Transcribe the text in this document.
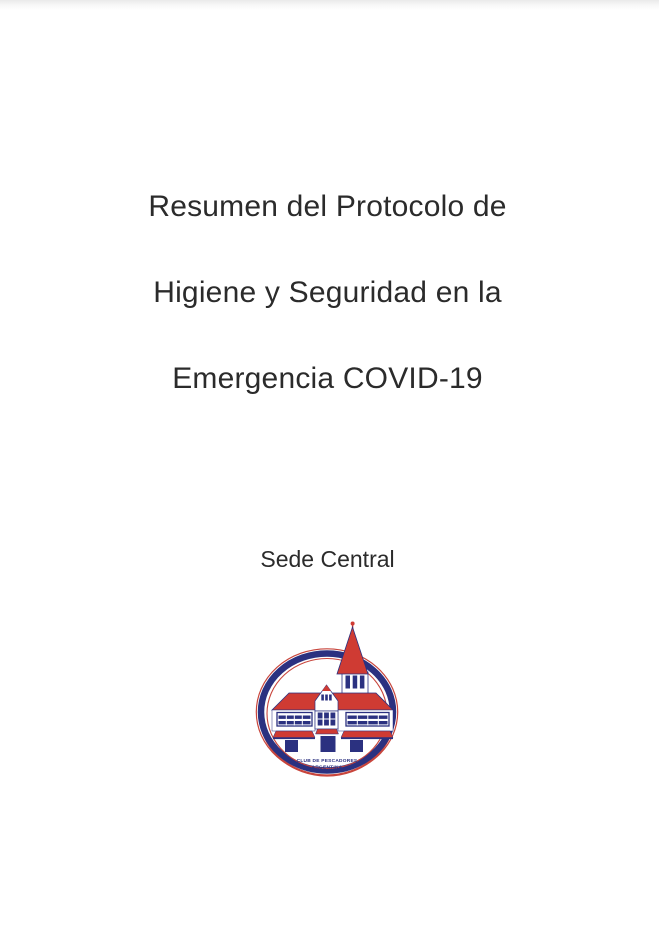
Resumen del Protocolo de
Higiene y Seguridad en la
Emergencia COVID-19
Sede Central
CLUB DE PESCADORES
ARGENTINA
